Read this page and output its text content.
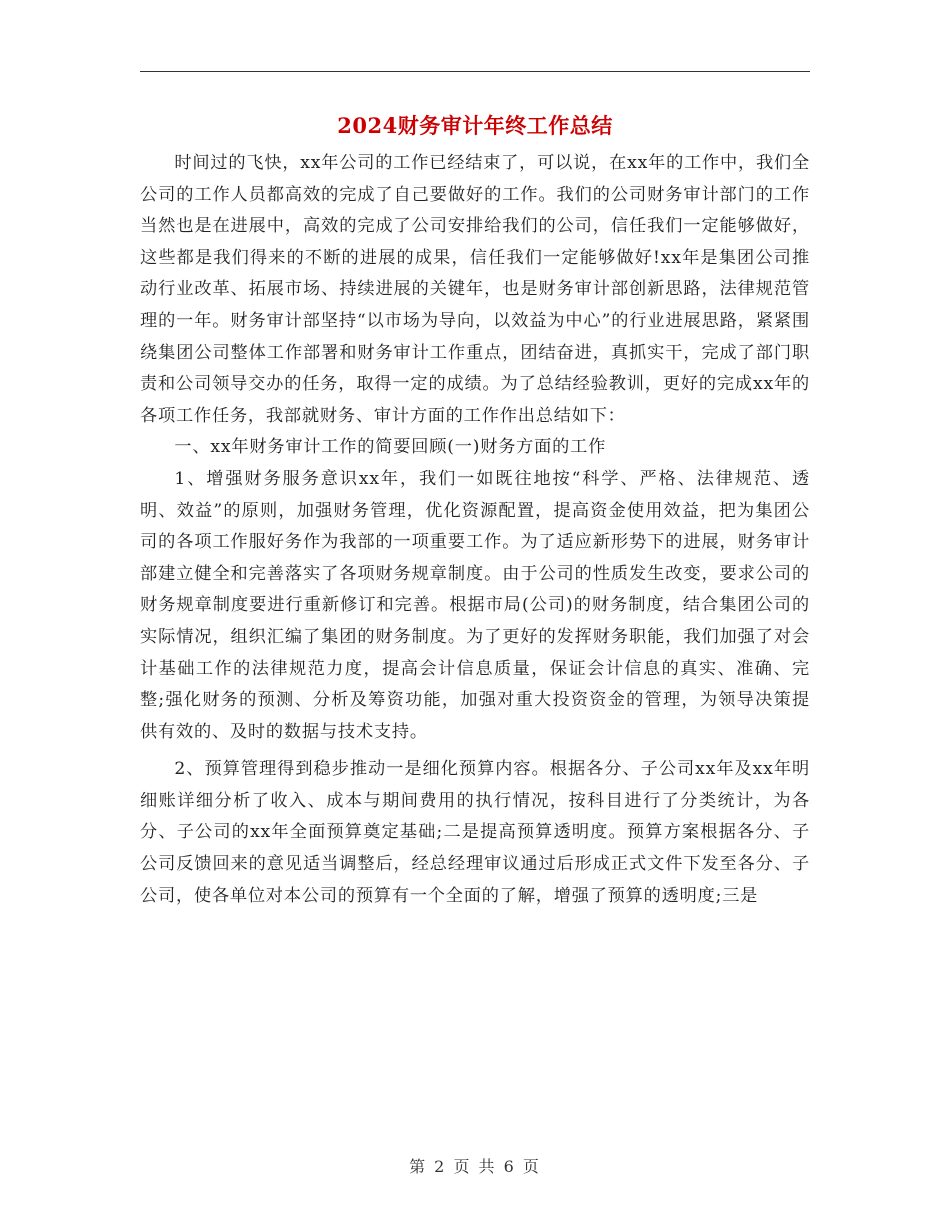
2024财务审计年终工作总结

时间过的飞快，xx年公司的工作已经结束了，可以说，在xx年的工作中，我们全公司的工作人员都高效的完成了自己要做好的工作。我们的公司财务审计部门的工作当然也是在进展中，高效的完成了公司安排给我们的公司，信任我们一定能够做好，这些都是我们得来的不断的进展的成果，信任我们一定能够做好!xx年是集团公司推动行业改革、拓展市场、持续进展的关键年，也是财务审计部创新思路，法律规范管理的一年。财务审计部坚持“以市场为导向，以效益为中心”的行业进展思路，紧紧围绕集团公司整体工作部署和财务审计工作重点，团结奋进，真抓实干，完成了部门职责和公司领导交办的任务，取得一定的成绩。为了总结经验教训，更好的完成xx年的各项工作任务，我部就财务、审计方面的工作作出总结如下：

一、xx年财务审计工作的简要回顾(一)财务方面的工作

1、增强财务服务意识xx年，我们一如既往地按“科学、严格、法律规范、透明、效益”的原则，加强财务管理，优化资源配置，提高资金使用效益，把为集团公司的各项工作服好务作为我部的一项重要工作。为了适应新形势下的进展，财务审计部建立健全和完善落实了各项财务规章制度。由于公司的性质发生改变，要求公司的财务规章制度要进行重新修订和完善。根据市局(公司)的财务制度，结合集团公司的实际情况，组织汇编了集团的财务制度。为了更好的发挥财务职能，我们加强了对会计基础工作的法律规范力度，提高会计信息质量，保证会计信息的真实、准确、完整;强化财务的预测、分析及筹资功能，加强对重大投资资金的管理，为领导决策提供有效的、及时的数据与技术支持。

2、预算管理得到稳步推动一是细化预算内容。根据各分、子公司xx年及xx年明细账详细分析了收入、成本与期间费用的执行情况，按科目进行了分类统计，为各分、子公司的xx年全面预算奠定基础;二是提高预算透明度。预算方案根据各分、子公司反馈回来的意见适当调整后，经总经理审议通过后形成正式文件下发至各分、子公司，使各单位对本公司的预算有一个全面的了解，增强了预算的透明度;三是

第 2 页 共 6 页
